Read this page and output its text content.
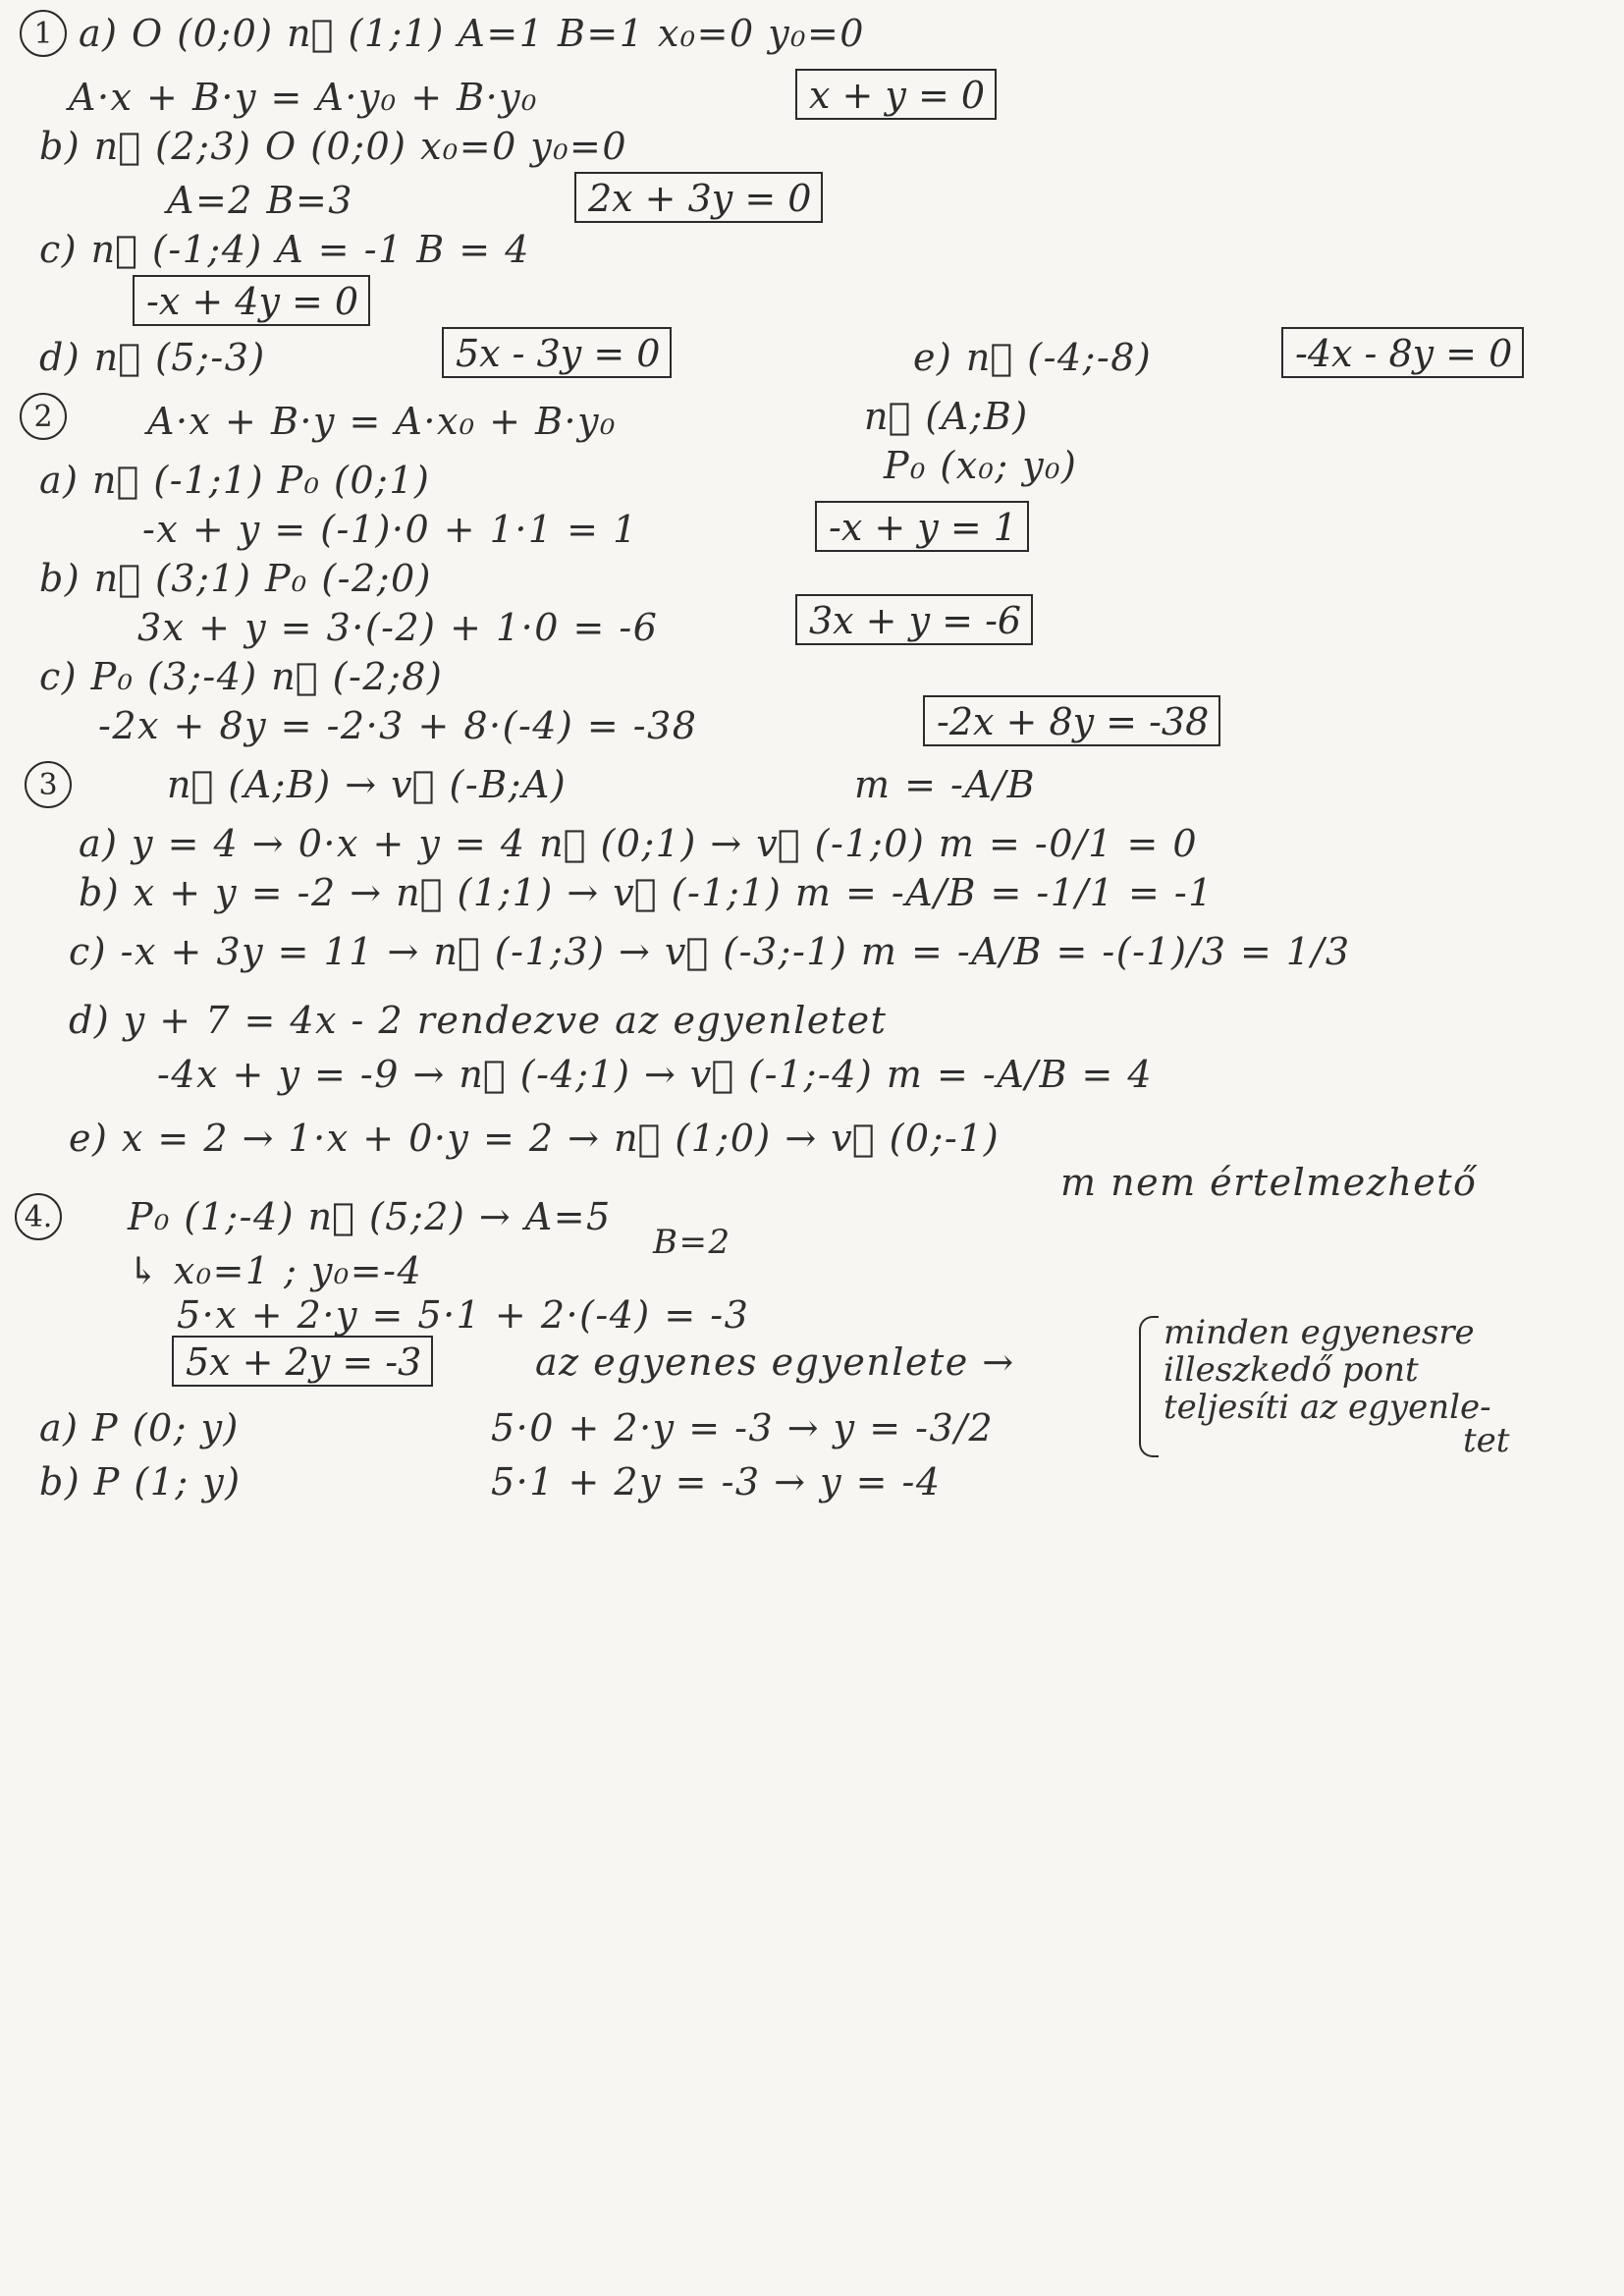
1 a) O (0;0) n⃗ (1;1) A=1 B=1 x₀=0 y₀=0
A·x + B·y = A·y₀ + B·y₀	x + y = 0
b) n⃗ (2;3) O (0;0) x₀=0 y₀=0
A=2 B=3	2x + 3y = 0
c) n⃗ (-1;4) A = -1 B = 4
-x + 4y = 0
d) n⃗ (5;-3)	5x - 3y = 0	e) n⃗ (-4;-8)	-4x - 8y = 0
2	A·x + B·y = A·x₀ + B·y₀	n⃗ (A;B)
P₀ (x₀; y₀)
a) n⃗ (-1;1) P₀ (0;1)
-x + y = (-1)·0 + 1·1 = 1	-x + y = 1
b) n⃗ (3;1) P₀ (-2;0)
3x + y = 3·(-2) + 1·0 = -6	3x + y = -6
c) P₀ (3;-4) n⃗ (-2;8)
-2x + 8y = -2·3 + 8·(-4) = -38	-2x + 8y = -38
3	n⃗ (A;B) → v⃗ (-B;A)	m = -A/B
a) y = 4 → 0·x + y = 4 n⃗ (0;1) → v⃗ (-1;0) m = -0/1 = 0
b) x + y = -2 → n⃗ (1;1) → v⃗ (-1;1) m = -A/B = -1/1 = -1
c) -x + 3y = 11 → n⃗ (-1;3) → v⃗ (-3;-1) m = -A/B = -(-1)/3 = 1/3
d) y + 7 = 4x - 2 rendezve az egyenletet
-4x + y = -9 → n⃗ (-4;1) → v⃗ (-1;-4) m = -A/B = 4
e) x = 2 → 1·x + 0·y = 2 → n⃗ (1;0) → v⃗ (0;-1)
m nem értelmezhető
4. P₀ (1;-4) n⃗ (5;2) → A=5
B=2
↳ x₀=1 ; y₀=-4
5·x + 2·y = 5·1 + 2·(-4) = -3
5x + 2y = -3	az egyenes egyenlete →
minden egyenesre
illeszkedő pont
teljesíti az egyenle-
tet
a) P (0; y)	5·0 + 2·y = -3 → y = -3/2
b) P (1; y)	5·1 + 2y = -3 → y = -4
